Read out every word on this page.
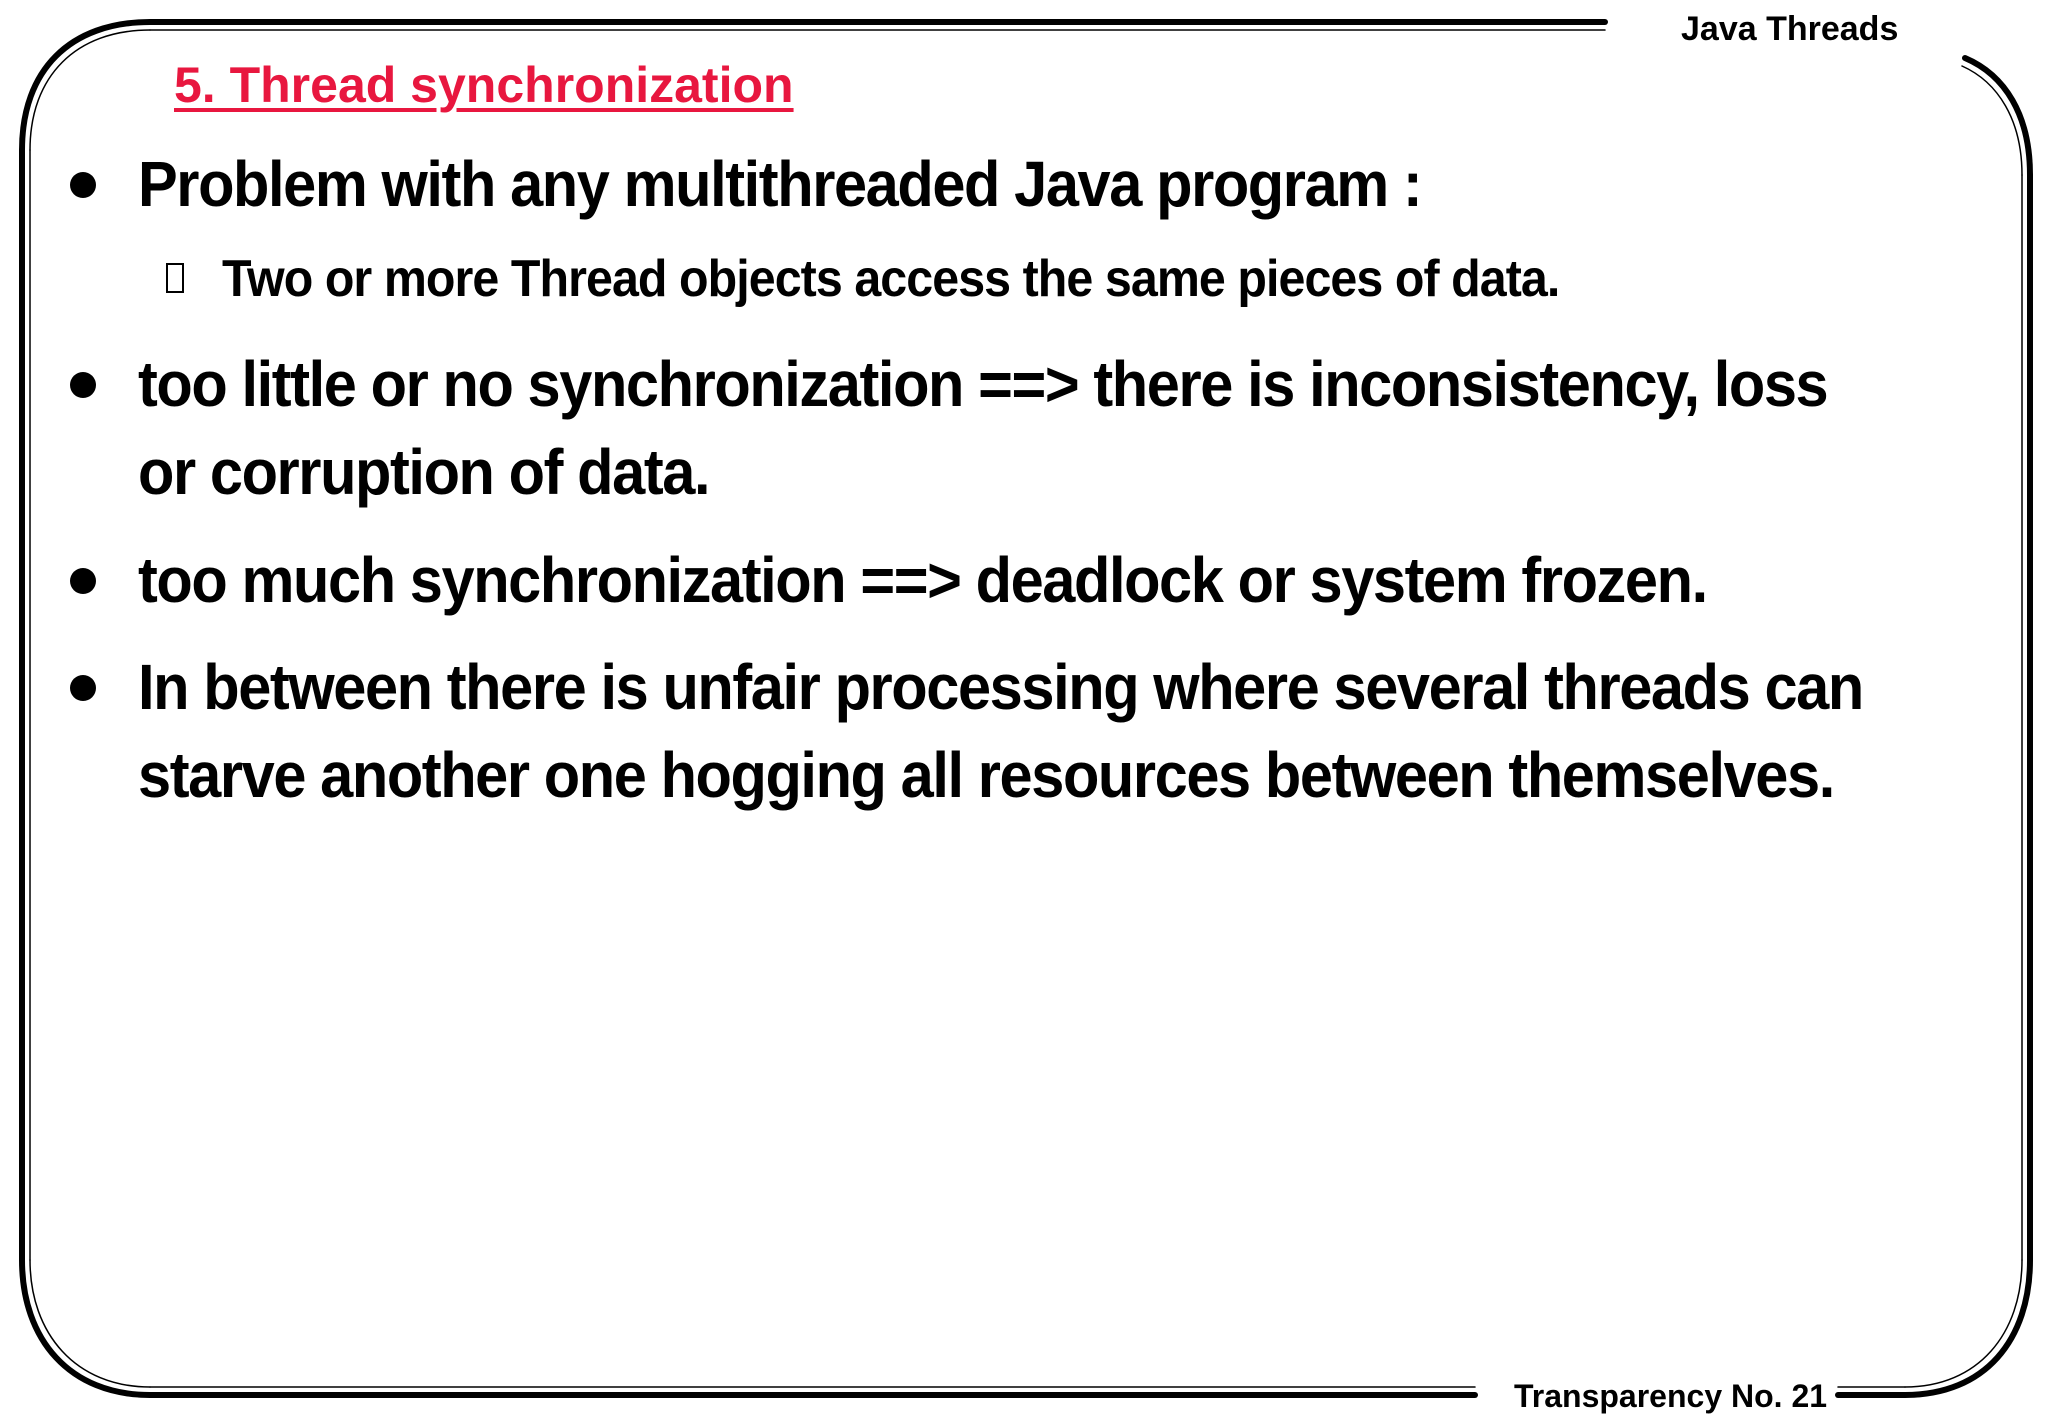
Java Threads
5. Thread synchronization
Problem with any multithreaded Java program :
Two or more Thread objects access the same pieces of data.
too little or no synchronization ==> there is inconsistency, loss or corruption of data.
too much synchronization ==> deadlock or system frozen.
In between there is unfair processing where several threads can starve another one hogging all resources between themselves.
Transparency No. 21
